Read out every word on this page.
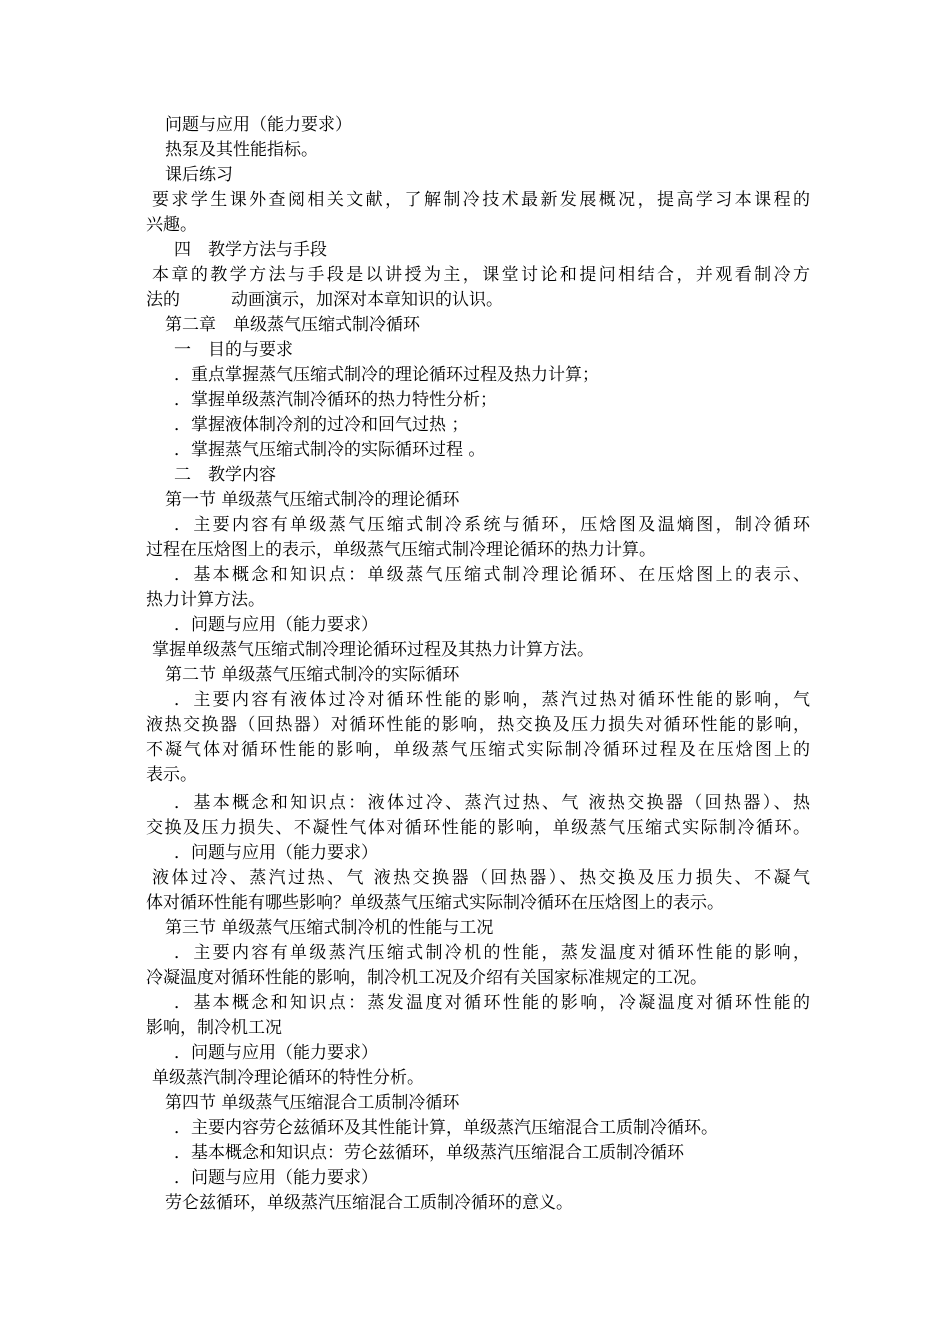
问题与应用（能力要求）
热泵及其性能指标。
课后练习
要求学生课外查阅相关文献，了解制冷技术最新发展概况，提高学习本课程的
兴趣。
四　教学方法与手段
本章的教学方法与手段是以讲授为主，课堂讨论和提问相结合，并观看制冷方
法的　　　动画演示，加深对本章知识的认识。
第二章　单级蒸气压缩式制冷循环
一　目的与要求
．重点掌握蒸气压缩式制冷的理论循环过程及热力计算；
．掌握单级蒸汽制冷循环的热力特性分析；
．掌握液体制冷剂的过冷和回气过热 ；
．掌握蒸气压缩式制冷的实际循环过程 。
二　教学内容
第一节 单级蒸气压缩式制冷的理论循环
．主要内容有单级蒸气压缩式制冷系统与循环，压焓图及温熵图，制冷循环
过程在压焓图上的表示，单级蒸气压缩式制冷理论循环的热力计算。
．基本概念和知识点：单级蒸气压缩式制冷理论循环、在压焓图上的表示、
热力计算方法。
．问题与应用（能力要求）
掌握单级蒸气压缩式制冷理论循环过程及其热力计算方法。
第二节 单级蒸气压缩式制冷的实际循环
．主要内容有液体过冷对循环性能的影响，蒸汽过热对循环性能的影响，气
液热交换器（回热器）对循环性能的影响，热交换及压力损失对循环性能的影响，
不凝气体对循环性能的影响，单级蒸气压缩式实际制冷循环过程及在压焓图上的
表示。
．基本概念和知识点：液体过冷、蒸汽过热、气 液热交换器（回热器）、热
交换及压力损失、不凝性气体对循环性能的影响，单级蒸气压缩式实际制冷循环。
．问题与应用（能力要求）
液体过冷、蒸汽过热、气 液热交换器（回热器）、热交换及压力损失、不凝气
体对循环性能有哪些影响？单级蒸气压缩式实际制冷循环在压焓图上的表示。
第三节 单级蒸气压缩式制冷机的性能与工况
．主要内容有单级蒸汽压缩式制冷机的性能，蒸发温度对循环性能的影响，
冷凝温度对循环性能的影响，制冷机工况及介绍有关国家标准规定的工况。
．基本概念和知识点：蒸发温度对循环性能的影响，冷凝温度对循环性能的
影响，制冷机工况
．问题与应用（能力要求）
单级蒸汽制冷理论循环的特性分析。
第四节 单级蒸气压缩混合工质制冷循环
．主要内容劳仑兹循环及其性能计算，单级蒸汽压缩混合工质制冷循环。
．基本概念和知识点：劳仑兹循环，单级蒸汽压缩混合工质制冷循环
．问题与应用（能力要求）
劳仑兹循环，单级蒸汽压缩混合工质制冷循环的意义。
